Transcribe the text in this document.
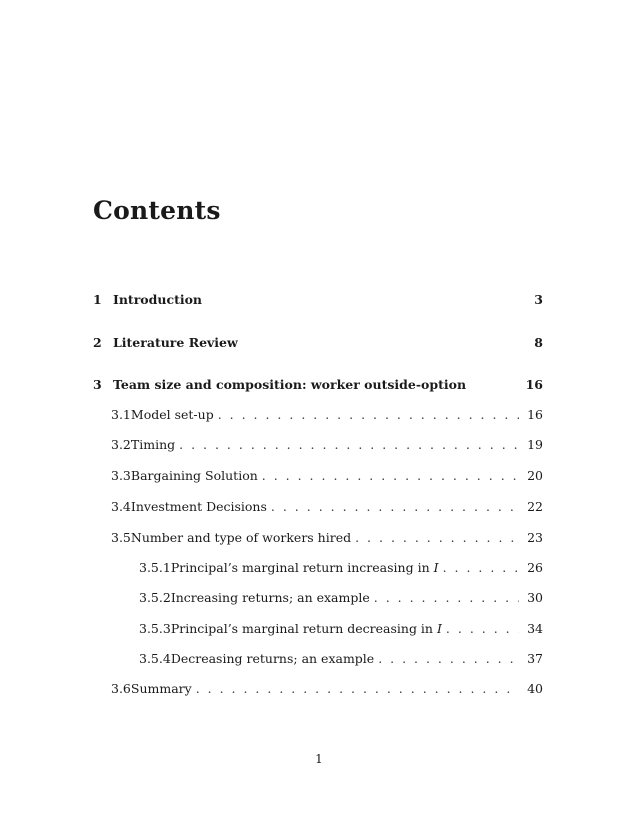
Contents
1 Introduction	3
2 Literature Review	8
3 Team size and composition: worker outside-option	16
3.1 Model set-up . . .	16
3.2 Timing . . .	19
3.3 Bargaining Solution . . .	20
3.4 Investment Decisions . . .	22
3.5 Number and type of workers hired . . .	23
3.5.1 Principal’s marginal return increasing in I . . .	26
3.5.2 Increasing returns; an example . . .	30
3.5.3 Principal’s marginal return decreasing in I . . .	34
3.5.4 Decreasing returns; an example . . .	37
3.6 Summary . . .	40
1
